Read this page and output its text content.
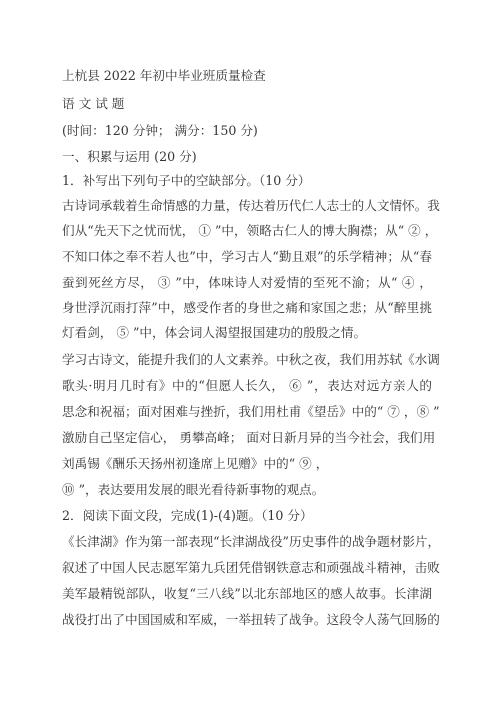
上杭县 2022 年初中毕业班质量检查
语 文 试 题
(时间：120 分钟； 满分：150 分)
一、积累与运用 (20 分)
1．补写出下列句子中的空缺部分。（10 分）
古诗词承载着生命情感的力量，传达着历代仁人志士的人文情怀。我
们从“先天下之忧而忧， ① ”中，领略古仁人的博大胸襟；从“ ② ，
不知口体之奉不若人也”中，学习古人“勤且艰”的乐学精神；从“春
蚕到死丝方尽， ③ ”中，体味诗人对爱情的至死不渝；从“ ④ ，
身世浮沉雨打萍”中，感受作者的身世之痛和家国之悲；从“醉里挑
灯看剑， ⑤ ”中，体会词人渴望报国建功的殷殷之情。
学习古诗文，能提升我们的人文素养。中秋之夜，我们用苏轼《水调
歌头·明月几时有》中的“但愿人长久， ⑥ ”，表达对远方亲人的
思念和祝福；面对困难与挫折，我们用杜甫《望岳》中的“ ⑦ ，⑧ ”
激励自己坚定信心， 勇攀高峰； 面对日新月异的当今社会，我们用
刘禹锡《酬乐天扬州初逢席上见赠》中的“ ⑨ ，
⑩ ”，表达要用发展的眼光看待新事物的观点。
2．阅读下面文段，完成(1)-(4)题。（10 分）
《长津湖》作为第一部表现“长津湖战役”历史事件的战争题材影片，
叙述了中国人民志愿军第九兵团凭借钢铁意志和顽强战斗精神，击败
美军最精锐部队，收复“三八线”以北东部地区的感人故事。长津湖
战役打出了中国国威和军威，一举扭转了战争。这段令人荡气回肠的
